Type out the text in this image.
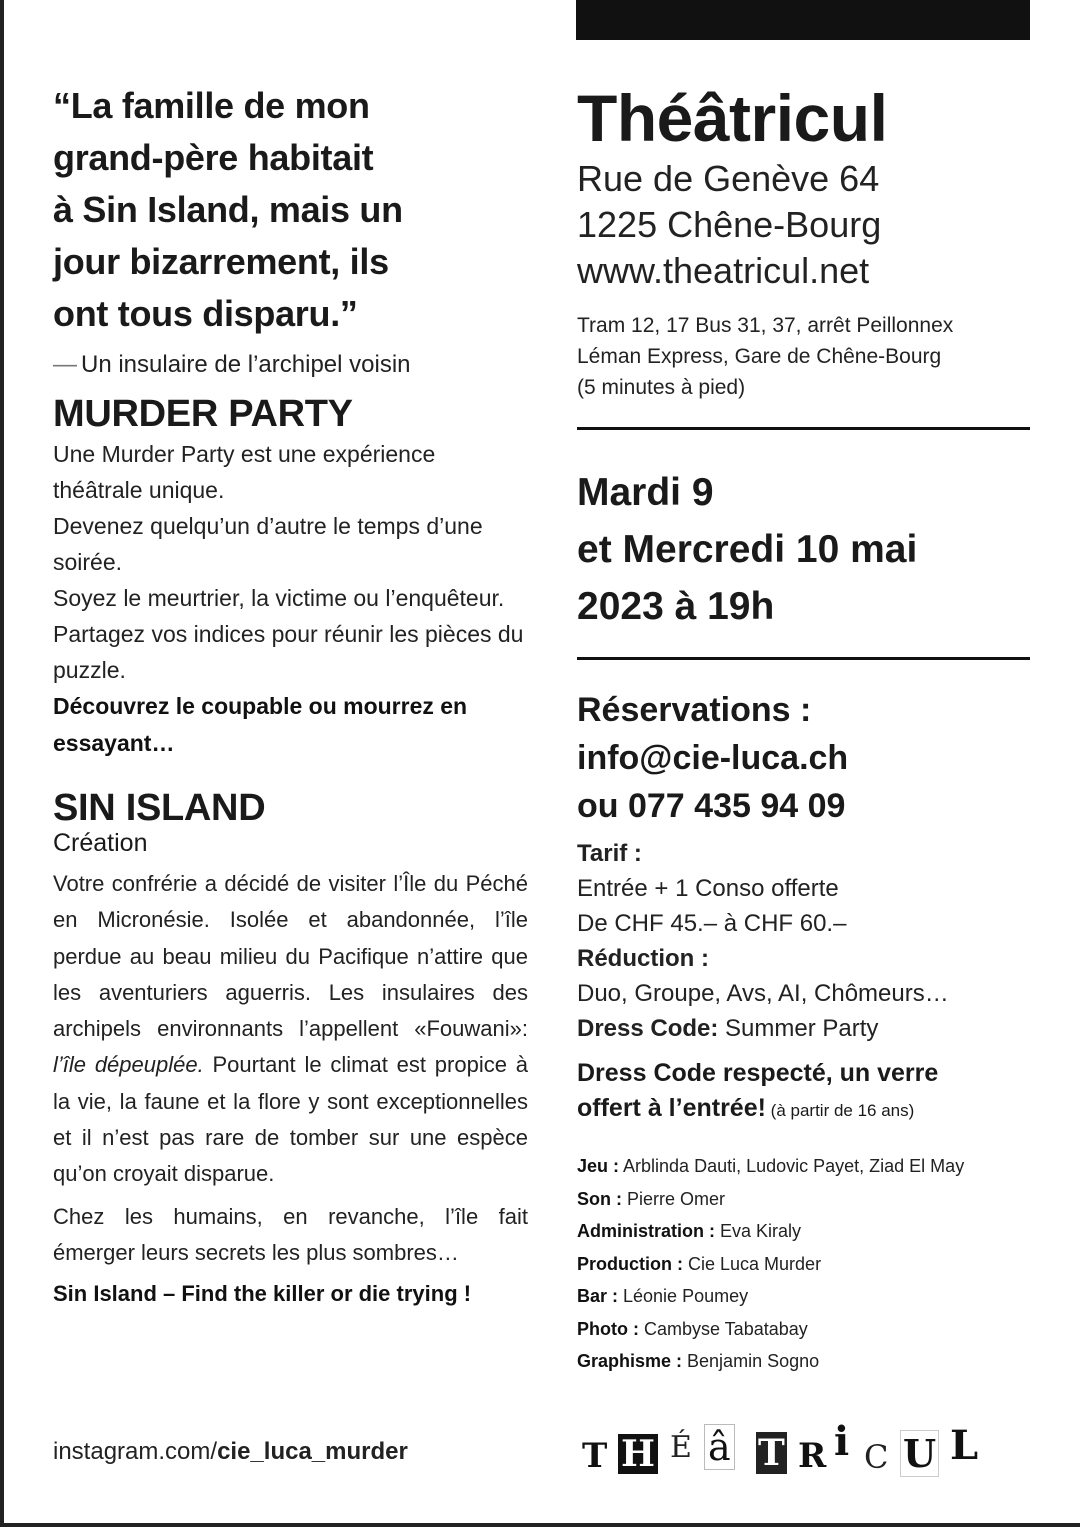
“La famille de mon
grand-père habitait
à Sin Island, mais un
jour bizarrement, ils
ont tous disparu.”

— Un insulaire de l’archipel voisin
MURDER PARTY

Une Murder Party est une expérience théâtrale unique.

Devenez quelqu’un d’autre le temps d’une soirée.

Soyez le meurtrier, la victime ou l’enquêteur.

Partagez vos indices pour réunir les pièces du puzzle.

Découvrez le coupable ou mourrez en essayant…

SIN ISLAND
Création

Votre confrérie a décidé de visiter l’Île du Péché en Micronésie. Isolée et abandonnée, l’île perdue au beau milieu du Pacifique n’attire que les aventuriers aguerris. Les insulaires des archipels environnants l’appellent «Fouwani»: l’île dépeuplée. Pourtant le climat est propice à la vie, la faune et la flore y sont exceptionnelles et il n’est pas rare de tomber sur une espèce qu’on croyait disparue.

Chez les humains, en revanche, l’île fait émerger leurs secrets les plus sombres…

Sin Island – Find the killer or die trying !

instagram.com/cie_luca_murder
Théâtricul
Rue de Genève 64
1225 Chêne-Bourg
www.theatricul.net
Tram 12, 17 Bus 31, 37, arrêt Peillonnex
Léman Express, Gare de Chêne-Bourg
(5 minutes à pied)
Mardi 9
et Mercredi 10 mai
2023 à 19h
Réservations :
info@cie-luca.ch
ou 077 435 94 09
Tarif :
Entrée + 1 Conso offerte
De CHF 45.– à CHF 60.–
Réduction :
Duo, Groupe, Avs, AI, Chômeurs…
Dress Code: Summer Party
Dress Code respecté, un verre
offert à l’entrée! (à partir de 16 ans)
Jeu : Arblinda Dauti, Ludovic Payet, Ziad El May
Son : Pierre Omer
Administration : Eva Kiraly
Production : Cie Luca Murder
Bar : Léonie Poumey
Photo : Cambyse Tabatabay
Graphisme : Benjamin Sogno
T H É â T R i C U L
